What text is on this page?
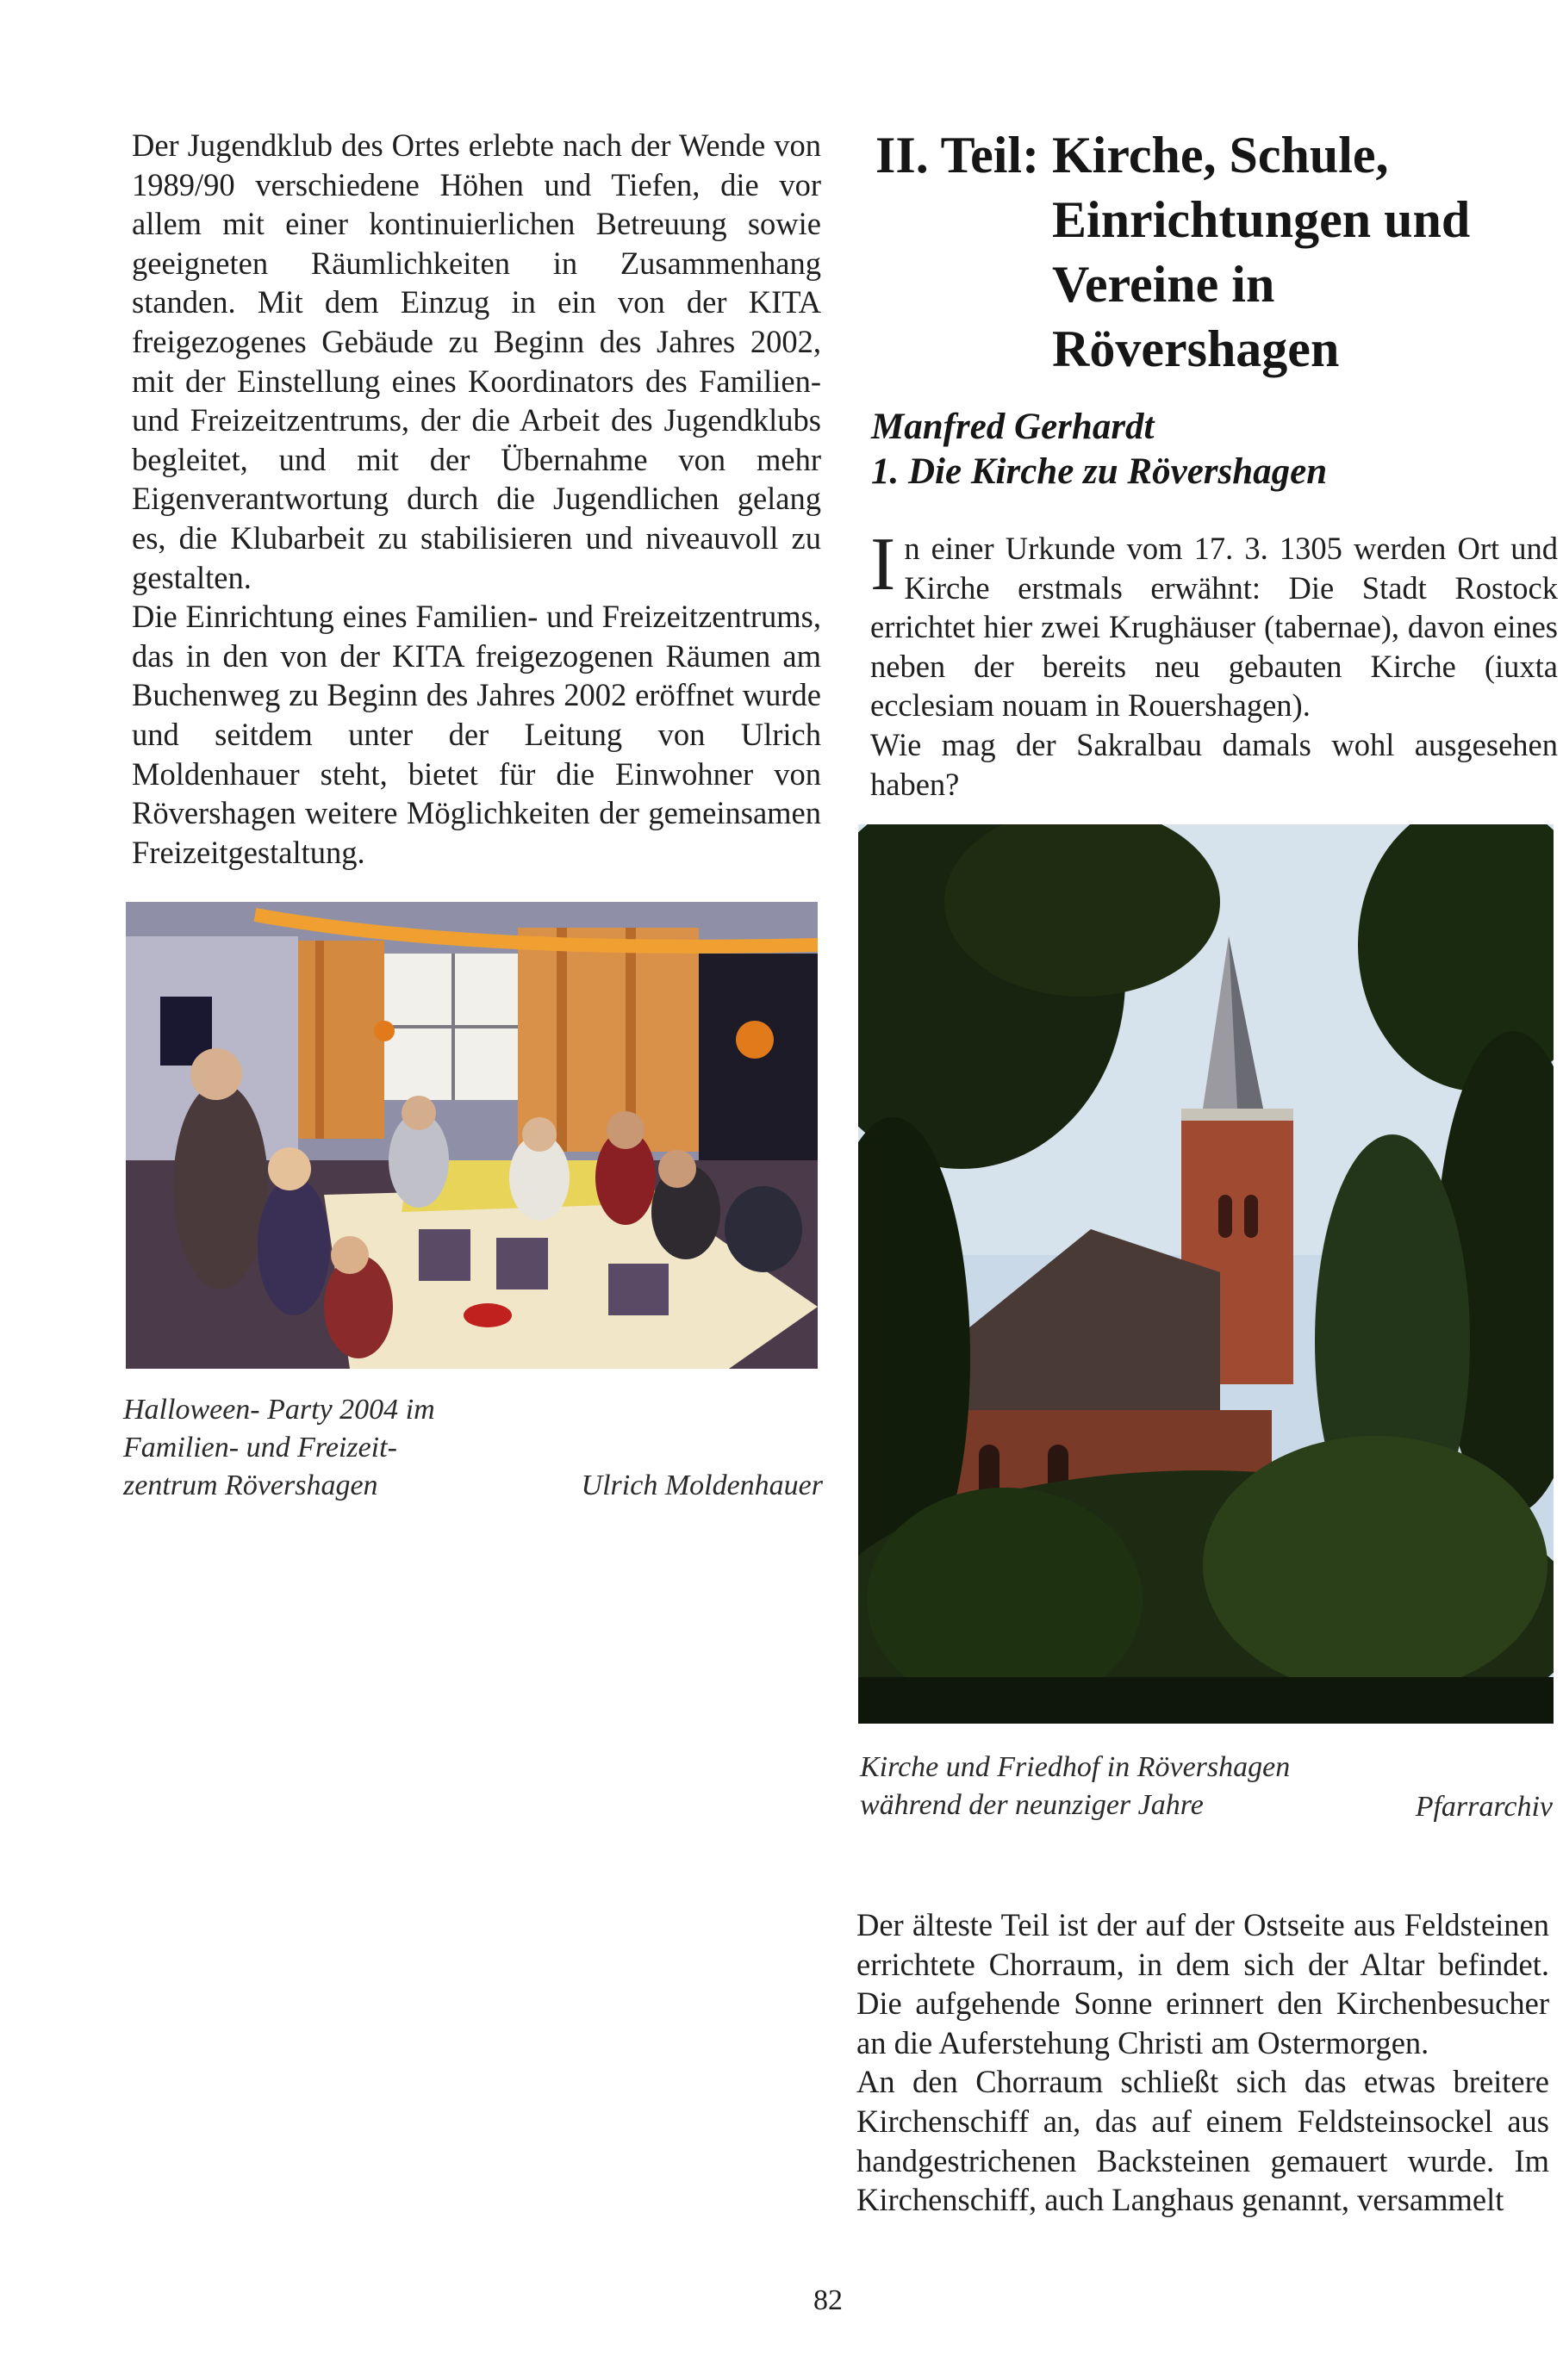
Der Jugendklub des Ortes erlebte nach der Wende von 1989/90 verschiedene Höhen und Tiefen, die vor allem mit einer kontinuierlichen Betreuung sowie geeigneten Räumlichkeiten in Zusammenhang standen. Mit dem Einzug in ein von der KITA freigezogenes Gebäude zu Beginn des Jahres 2002, mit der Einstellung eines Koordinators des Familien- und Freizeitzentrums, der die Arbeit des Jugendklubs begleitet, und mit der Übernahme von mehr Eigenverantwortung durch die Jugendlichen gelang es, die Klubarbeit zu stabilisieren und niveauvoll zu gestalten.

Die Einrichtung eines Familien- und Freizeitzentrums, das in den von der KITA freigezogenen Räumen am Buchenweg zu Beginn des Jahres 2002 eröffnet wurde und seitdem unter der Leitung von Ulrich Moldenhauer steht, bietet für die Einwohner von Rövershagen weitere Möglichkeiten der gemeinsamen Freizeitgestaltung.

Halloween- Party 2004 im
Familien- und Freizeit-
zentrum Rövershagen	Ulrich Moldenhauer
II. Teil: Kirche, Schule,
Einrichtungen und
Vereine in Rövershagen
Manfred Gerhardt
1. Die Kirche zu Rövershagen

In einer Urkunde vom 17. 3. 1305 werden Ort und Kirche erstmals erwähnt: Die Stadt Rostock errichtet hier zwei Krughäuser (tabernae), davon eines neben der bereits neu gebauten Kirche (iuxta ecclesiam nouam in Rouershagen).

Wie mag der Sakralbau damals wohl ausgesehen haben?

Kirche und Friedhof in Rövershagen
während der neunziger Jahre	Pfarrarchiv

Der älteste Teil ist der auf der Ostseite aus Feldsteinen errichtete Chorraum, in dem sich der Altar befindet. Die aufgehende Sonne erinnert den Kirchenbesucher an die Auferstehung Christi am Ostermorgen.

An den Chorraum schließt sich das etwas breitere Kirchenschiff an, das auf einem Feldsteinsockel aus handgestrichenen Backsteinen gemauert wurde. Im Kirchenschiff, auch Langhaus genannt, versammelt

82
